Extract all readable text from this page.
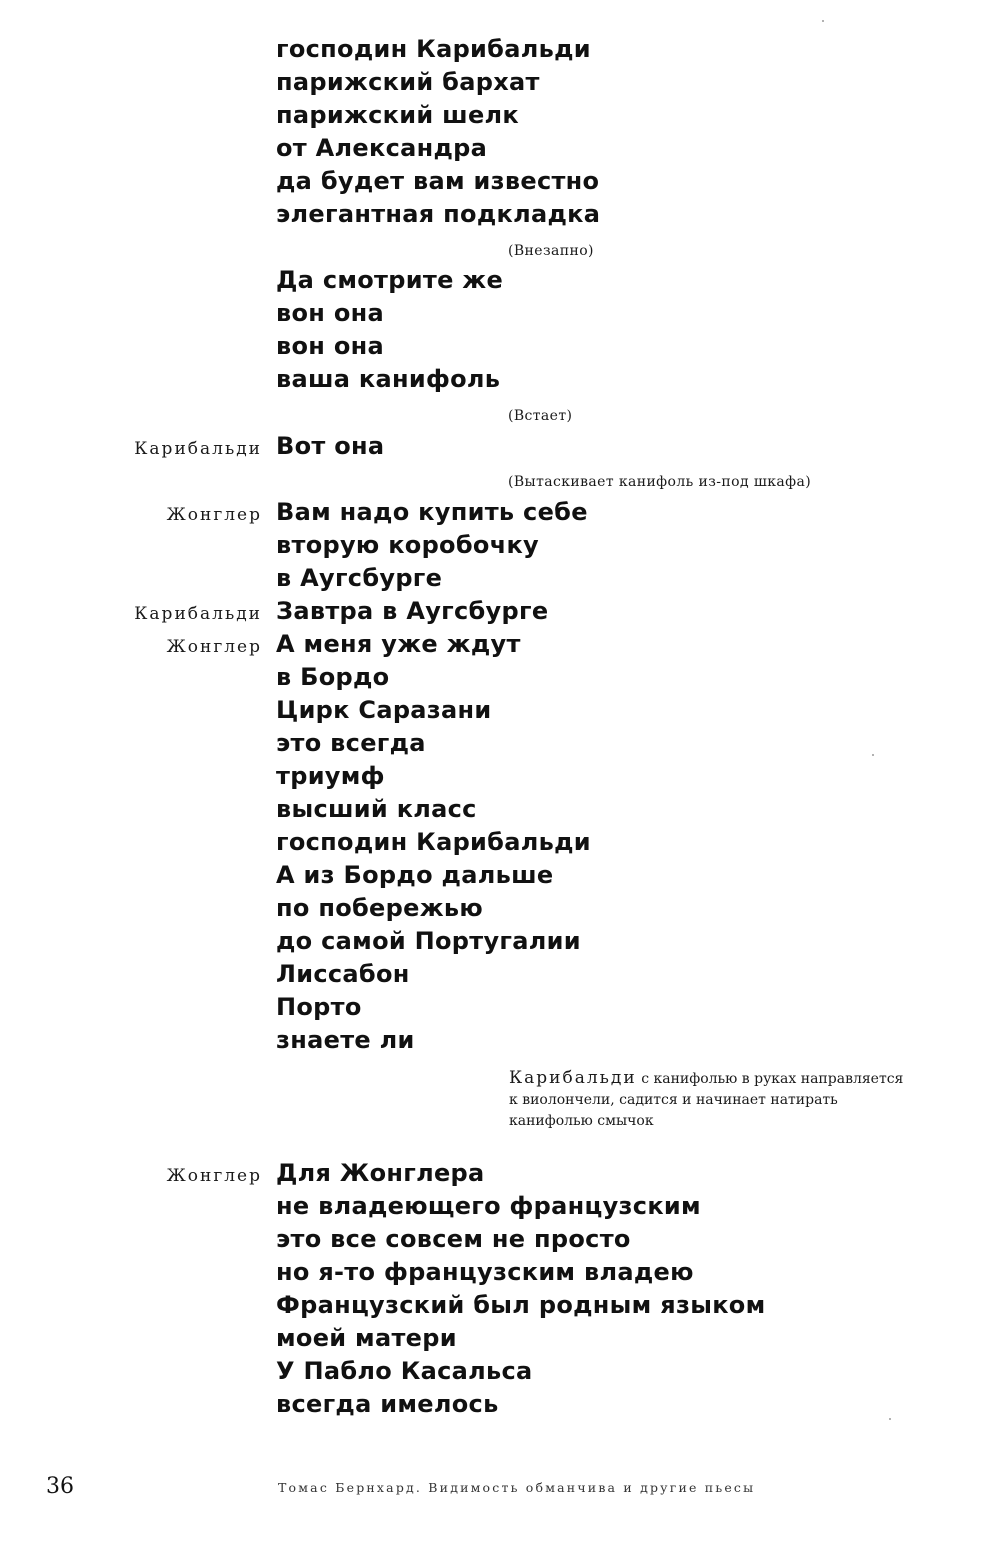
господин Карибальди

парижский бархат

парижский шелк

от Александра

да будет вам известно

элегантная подкладка

(Внезапно)

Да смотрите же

вон она

вон она

ваша канифоль

(Встает)

Карибальди Вот она

(Вытаскивает канифоль из-под шкафа)

Жонглер Вам надо купить себе

вторую коробочку

в Аугсбурге

Карибальди Завтра в Аугсбурге

Жонглер А меня уже ждут

в Бордо

Цирк Саразани

это всегда

триумф

высший класс

господин Карибальди

А из Бордо дальше

по побережью

до самой Португалии

Лиссабон

Порто

знаете ли

Карибальди с канифолью в руках направляется
к виолончели, садится и начинает натирать
канифолью смычок

Жонглер Для Жонглера

не владеющего французским

это все совсем не просто

но я-то французским владею

Французский был родным языком

моей матери

У Пабло Касальса

всегда имелось

36	Томас Бернхард. Видимость обманчива и другие пьесы
